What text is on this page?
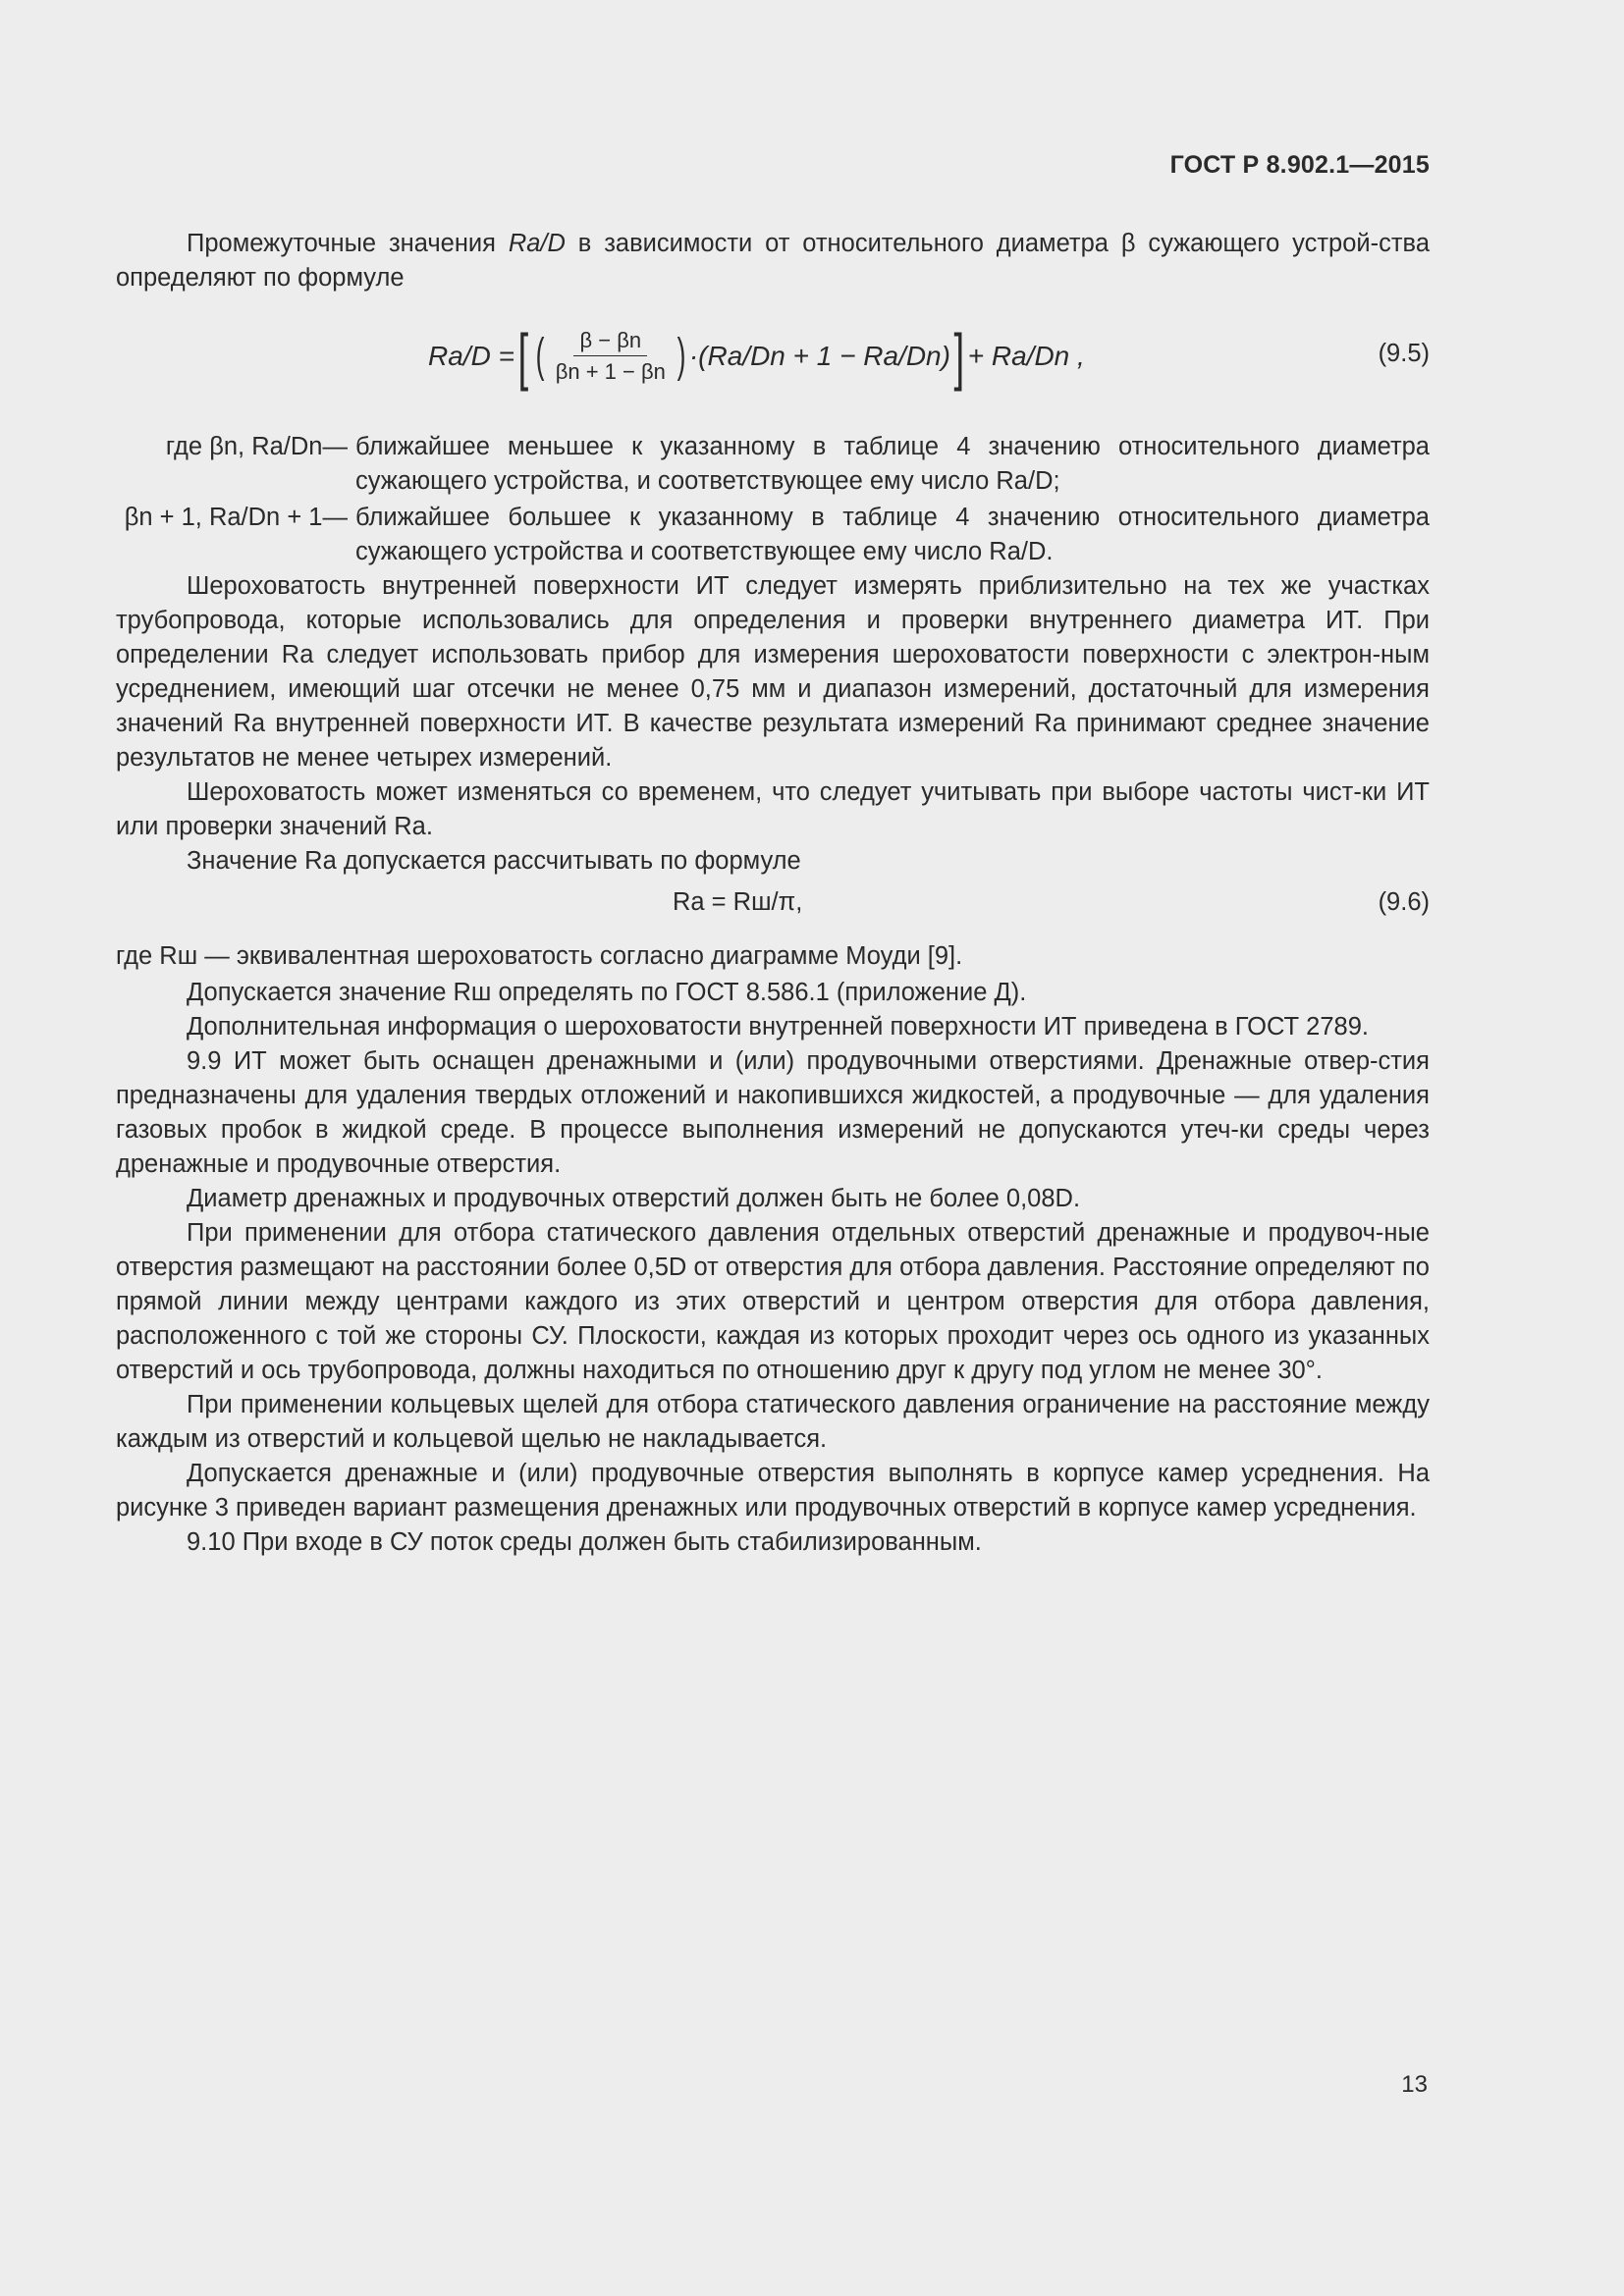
ГОСТ Р 8.902.1—2015

Промежуточные значения Ra/D в зависимости от относительного диаметра β сужающего устрой-ства определяют по формуле

Ra/D = [ ( $\frac{\beta - \beta n}{\beta n + 1 - \beta n}$ ) ·(Ra/Dn + 1 − Ra/Dn) ] + Ra/Dn ,	(9.5)
где βn, Ra/Dn— ближайшее меньшее к указанному в таблице 4 значению относительного диаметра сужающего устройства, и соответствующее ему число Ra/D;
βn + 1, Ra/Dn + 1— ближайшее большее к указанному в таблице 4 значению относительного диаметра сужающего устройства и соответствующее ему число Ra/D.

Шероховатость внутренней поверхности ИТ следует измерять приблизительно на тех же участках трубопровода, которые использовались для определения и проверки внутреннего диаметра ИТ. При определении Ra следует использовать прибор для измерения шероховатости поверхности с электрон-ным усреднением, имеющий шаг отсечки не менее 0,75 мм и диапазон измерений, достаточный для измерения значений Ra внутренней поверхности ИТ. В качестве результата измерений Ra принимают среднее значение результатов не менее четырех измерений.

Шероховатость может изменяться со временем, что следует учитывать при выборе частоты чист-ки ИТ или проверки значений Ra.

Значение Ra допускается рассчитывать по формуле

Ra = Rш/π,	(9.6)

где Rш — эквивалентная шероховатость согласно диаграмме Моуди [9].

Допускается значение Rш определять по ГОСТ 8.586.1 (приложение Д).

Дополнительная информация о шероховатости внутренней поверхности ИТ приведена в ГОСТ 2789.

9.9 ИТ может быть оснащен дренажными и (или) продувочными отверстиями. Дренажные отвер-стия предназначены для удаления твердых отложений и накопившихся жидкостей, а продувочные — для удаления газовых пробок в жидкой среде. В процессе выполнения измерений не допускаются утеч-ки среды через дренажные и продувочные отверстия.

Диаметр дренажных и продувочных отверстий должен быть не более 0,08D.

При применении для отбора статического давления отдельных отверстий дренажные и продувоч-ные отверстия размещают на расстоянии более 0,5D от отверстия для отбора давления. Расстояние определяют по прямой линии между центрами каждого из этих отверстий и центром отверстия для отбора давления, расположенного с той же стороны СУ. Плоскости, каждая из которых проходит через ось одного из указанных отверстий и ось трубопровода, должны находиться по отношению друг к другу под углом не менее 30°.

При применении кольцевых щелей для отбора статического давления ограничение на расстояние между каждым из отверстий и кольцевой щелью не накладывается.

Допускается дренажные и (или) продувочные отверстия выполнять в корпусе камер усреднения. На рисунке 3 приведен вариант размещения дренажных или продувочных отверстий в корпусе камер усреднения.

9.10 При входе в СУ поток среды должен быть стабилизированным.

13
